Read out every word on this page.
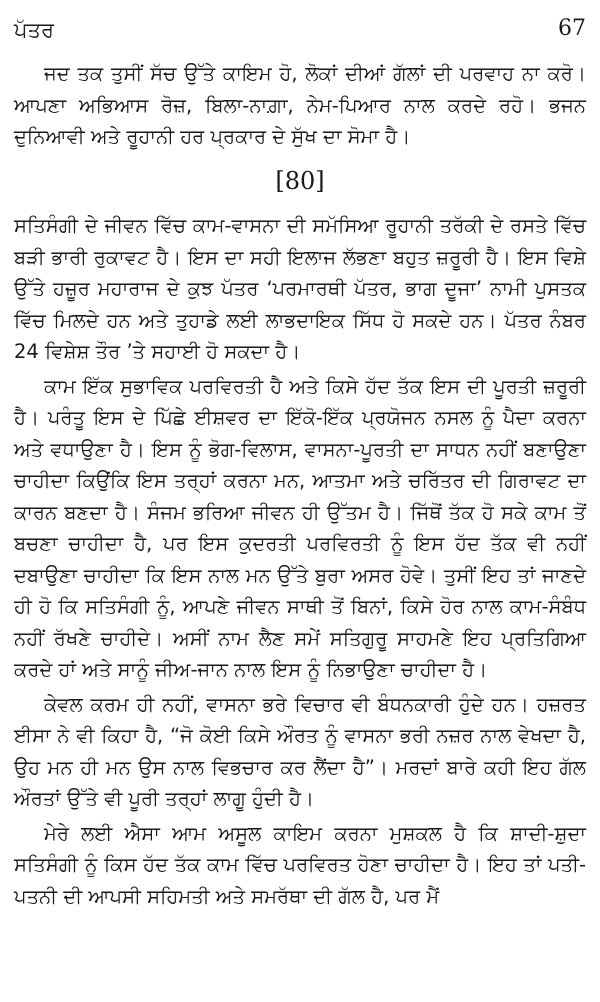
ਪੱਤਰ	67

ਜਦ ਤਕ ਤੁਸੀਂ ਸੱਚ ਉੱਤੇ ਕਾਇਮ ਹੋ, ਲੋਕਾਂ ਦੀਆਂ ਗੱਲਾਂ ਦੀ ਪਰਵਾਹ ਨਾ ਕਰੋ। ਆਪਣਾ ਅਭਿਆਸ ਰੋਜ਼, ਬਿਲਾ-ਨਾਗ਼ਾ, ਨੇਮ-ਪਿਆਰ ਨਾਲ ਕਰਦੇ ਰਹੋ। ਭਜਨ ਦੁਨਿਆਵੀ ਅਤੇ ਰੂਹਾਨੀ ਹਰ ਪ੍ਰਕਾਰ ਦੇ ਸੁੱਖ ਦਾ ਸੋਮਾ ਹੈ।

[80]

ਸਤਿਸੰਗੀ ਦੇ ਜੀਵਨ ਵਿੱਚ ਕਾਮ-ਵਾਸਨਾ ਦੀ ਸਮੱਸਿਆ ਰੂਹਾਨੀ ਤਰੱਕੀ ਦੇ ਰਸਤੇ ਵਿੱਚ ਬੜੀ ਭਾਰੀ ਰੁਕਾਵਟ ਹੈ। ਇਸ ਦਾ ਸਹੀ ਇਲਾਜ ਲੱਭਣਾ ਬਹੁਤ ਜ਼ਰੂਰੀ ਹੈ। ਇਸ ਵਿਸ਼ੇ ਉੱਤੇ ਹਜ਼ੂਰ ਮਹਾਰਾਜ ਦੇ ਕੁਝ ਪੱਤਰ ‘ਪਰਮਾਰਥੀ ਪੱਤਰ, ਭਾਗ ਦੂਜਾ’ ਨਾਮੀ ਪੁਸਤਕ ਵਿੱਚ ਮਿਲਦੇ ਹਨ ਅਤੇ ਤੁਹਾਡੇ ਲਈ ਲਾਭਦਾਇਕ ਸਿੱਧ ਹੋ ਸਕਦੇ ਹਨ। ਪੱਤਰ ਨੰਬਰ 24 ਵਿਸ਼ੇਸ਼ ਤੌਰ ’ਤੇ ਸਹਾਈ ਹੋ ਸਕਦਾ ਹੈ।

ਕਾਮ ਇੱਕ ਸੁਭਾਵਿਕ ਪਰਵਿਰਤੀ ਹੈ ਅਤੇ ਕਿਸੇ ਹੱਦ ਤੱਕ ਇਸ ਦੀ ਪੂਰਤੀ ਜ਼ਰੂਰੀ ਹੈ। ਪਰੰਤੂ ਇਸ ਦੇ ਪਿੱਛੇ ਈਸ਼ਵਰ ਦਾ ਇੱਕੋ-ਇੱਕ ਪ੍ਰਯੋਜਨ ਨਸਲ ਨੂੰ ਪੈਦਾ ਕਰਨਾ ਅਤੇ ਵਧਾਉਣਾ ਹੈ। ਇਸ ਨੂੰ ਭੋਗ-ਵਿਲਾਸ, ਵਾਸਨਾ-ਪੂਰਤੀ ਦਾ ਸਾਧਨ ਨਹੀਂ ਬਣਾਉਣਾ ਚਾਹੀਦਾ ਕਿਉਂਕਿ ਇਸ ਤਰ੍ਹਾਂ ਕਰਨਾ ਮਨ, ਆਤਮਾ ਅਤੇ ਚਰਿੱਤਰ ਦੀ ਗਿਰਾਵਟ ਦਾ ਕਾਰਨ ਬਣਦਾ ਹੈ। ਸੰਜਮ ਭਰਿਆ ਜੀਵਨ ਹੀ ਉੱਤਮ ਹੈ। ਜਿੱਥੋਂ ਤੱਕ ਹੋ ਸਕੇ ਕਾਮ ਤੋਂ ਬਚਣਾ ਚਾਹੀਦਾ ਹੈ, ਪਰ ਇਸ ਕੁਦਰਤੀ ਪਰਵਿਰਤੀ ਨੂੰ ਇਸ ਹੱਦ ਤੱਕ ਵੀ ਨਹੀਂ ਦਬਾਉਣਾ ਚਾਹੀਦਾ ਕਿ ਇਸ ਨਾਲ ਮਨ ਉੱਤੇ ਬੁਰਾ ਅਸਰ ਹੋਵੇ। ਤੁਸੀਂ ਇਹ ਤਾਂ ਜਾਣਦੇ ਹੀ ਹੋ ਕਿ ਸਤਿਸੰਗੀ ਨੂੰ, ਆਪਣੇ ਜੀਵਨ ਸਾਥੀ ਤੋਂ ਬਿਨਾਂ, ਕਿਸੇ ਹੋਰ ਨਾਲ ਕਾਮ-ਸੰਬੰਧ ਨਹੀਂ ਰੱਖਣੇ ਚਾਹੀਦੇ। ਅਸੀਂ ਨਾਮ ਲੈਣ ਸਮੇਂ ਸਤਿਗੁਰੂ ਸਾਹਮਣੇ ਇਹ ਪ੍ਰਤਿਗਿਆ ਕਰਦੇ ਹਾਂ ਅਤੇ ਸਾਨੂੰ ਜੀਅ-ਜਾਨ ਨਾਲ ਇਸ ਨੂੰ ਨਿਭਾਉਣਾ ਚਾਹੀਦਾ ਹੈ।

ਕੇਵਲ ਕਰਮ ਹੀ ਨਹੀਂ, ਵਾਸਨਾ ਭਰੇ ਵਿਚਾਰ ਵੀ ਬੰਧਨਕਾਰੀ ਹੁੰਦੇ ਹਨ। ਹਜ਼ਰਤ ਈਸਾ ਨੇ ਵੀ ਕਿਹਾ ਹੈ, “ਜੋ ਕੋਈ ਕਿਸੇ ਔਰਤ ਨੂੰ ਵਾਸਨਾ ਭਰੀ ਨਜ਼ਰ ਨਾਲ ਵੇਖਦਾ ਹੈ, ਉਹ ਮਨ ਹੀ ਮਨ ਉਸ ਨਾਲ ਵਿਭਚਾਰ ਕਰ ਲੈਂਦਾ ਹੈ”। ਮਰਦਾਂ ਬਾਰੇ ਕਹੀ ਇਹ ਗੱਲ ਔਰਤਾਂ ਉੱਤੇ ਵੀ ਪੂਰੀ ਤਰ੍ਹਾਂ ਲਾਗੂ ਹੁੰਦੀ ਹੈ।

ਮੇਰੇ ਲਈ ਐਸਾ ਆਮ ਅਸੂਲ ਕਾਇਮ ਕਰਨਾ ਮੁਸ਼ਕਲ ਹੈ ਕਿ ਸ਼ਾਦੀ-ਸ਼ੁਦਾ ਸਤਿਸੰਗੀ ਨੂੰ ਕਿਸ ਹੱਦ ਤੱਕ ਕਾਮ ਵਿੱਚ ਪਰਵਿਰਤ ਹੋਣਾ ਚਾਹੀਦਾ ਹੈ। ਇਹ ਤਾਂ ਪਤੀ-ਪਤਨੀ ਦੀ ਆਪਸੀ ਸਹਿਮਤੀ ਅਤੇ ਸਮਰੱਥਾ ਦੀ ਗੱਲ ਹੈ, ਪਰ ਮੈਂ
